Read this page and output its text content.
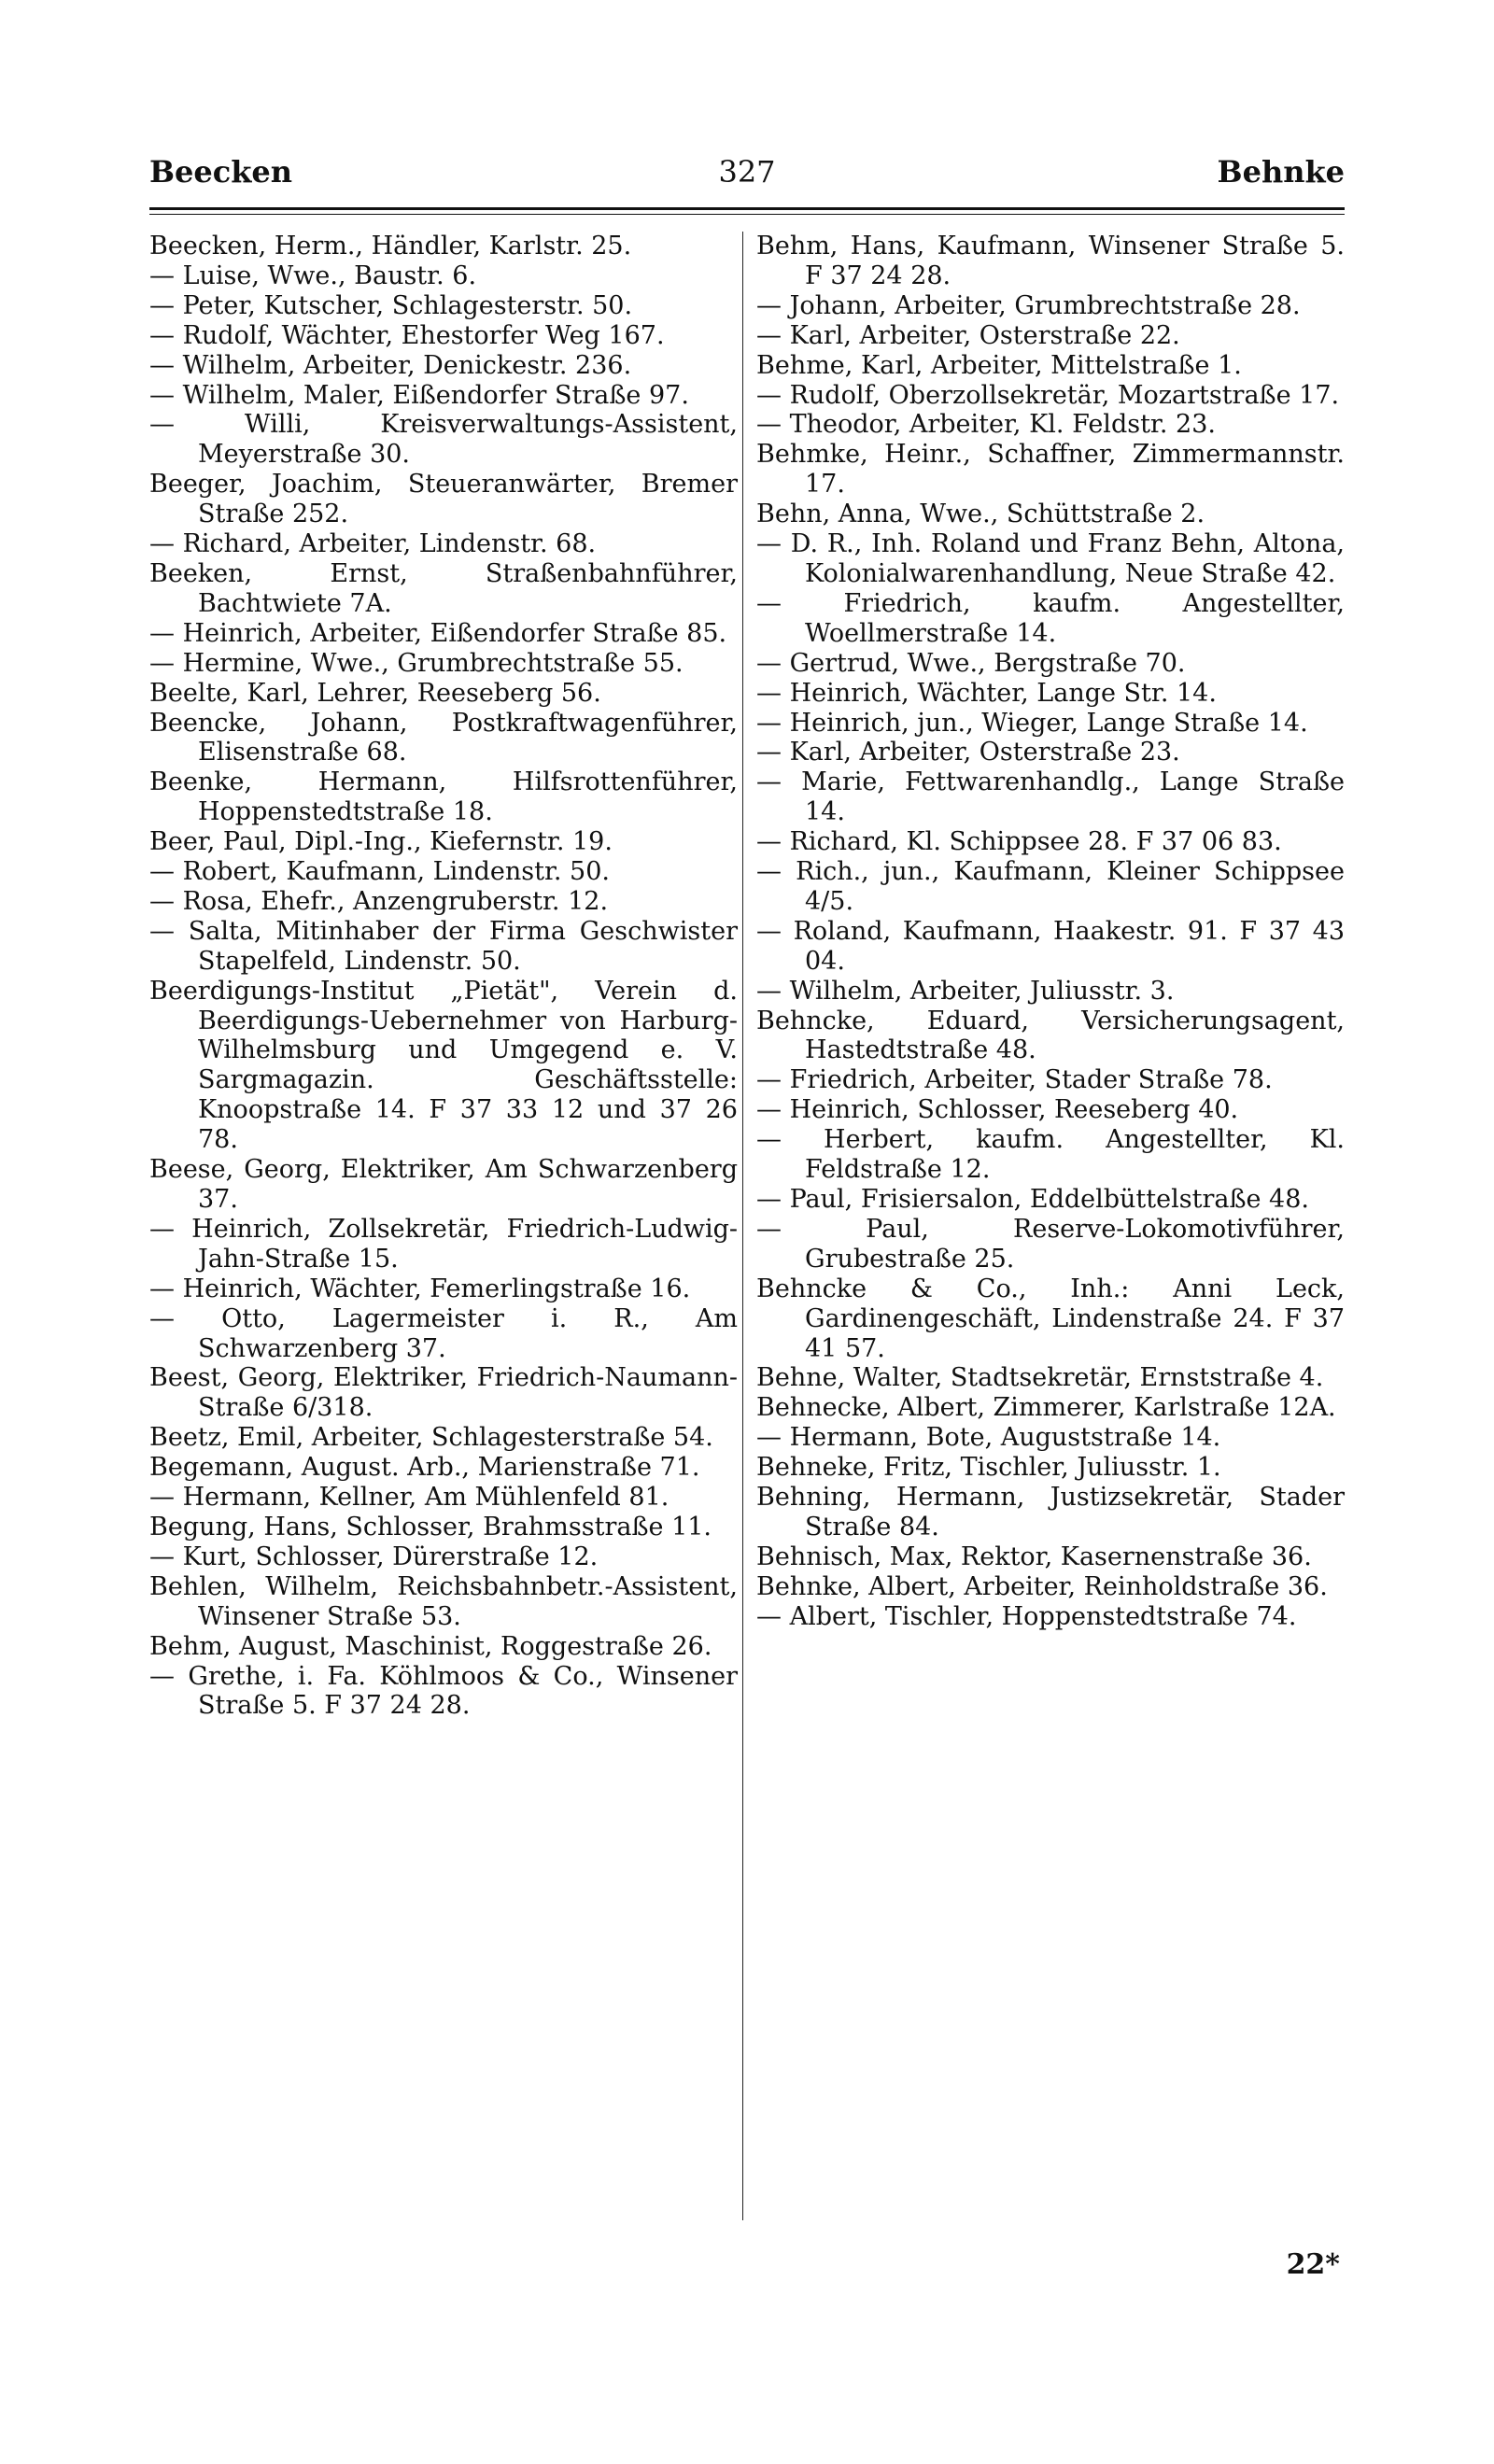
Beecken	327	Behnke

Beecken, Herm., Händler, Karlstr. 25.

— Luise, Wwe., Baustr. 6.

— Peter, Kutscher, Schlagesterstr. 50.

— Rudolf, Wächter, Ehestorfer Weg 167.

— Wilhelm, Arbeiter, Denickestr. 236.

— Wilhelm, Maler, Eißendorfer Straße 97.

— Willi, Kreisverwaltungs-Assistent, Meyerstraße 30.

Beeger, Joachim, Steueranwärter, Bremer Straße 252.

— Richard, Arbeiter, Lindenstr. 68.

Beeken, Ernst, Straßenbahnführer, Bachtwiete 7A.

— Heinrich, Arbeiter, Eißendorfer Straße 85.

— Hermine, Wwe., Grumbrechtstraße 55.

Beelte, Karl, Lehrer, Reeseberg 56.

Beencke, Johann, Postkraftwagenführer, Elisenstraße 68.

Beenke, Hermann, Hilfsrottenführer, Hoppenstedtstraße 18.

Beer, Paul, Dipl.-Ing., Kiefernstr. 19.

— Robert, Kaufmann, Lindenstr. 50.

— Rosa, Ehefr., Anzengruberstr. 12.

— Salta, Mitinhaber der Firma Geschwister Stapelfeld, Lindenstr. 50.

Beerdigungs-Institut „Pietät", Verein d. Beerdigungs-Uebernehmer von Harburg-Wilhelmsburg und Umgegend e. V. Sargmagazin. Geschäftsstelle: Knoopstraße 14. F 37 33 12 und 37 26 78.

Beese, Georg, Elektriker, Am Schwarzenberg 37.

— Heinrich, Zollsekretär, Friedrich-Ludwig-Jahn-Straße 15.

— Heinrich, Wächter, Femerlingstraße 16.

— Otto, Lagermeister i. R., Am Schwarzenberg 37.

Beest, Georg, Elektriker, Friedrich-Naumann-Straße 6/318.

Beetz, Emil, Arbeiter, Schlagesterstraße 54.

Begemann, August. Arb., Marienstraße 71.

— Hermann, Kellner, Am Mühlenfeld 81.

Begung, Hans, Schlosser, Brahmsstraße 11.

— Kurt, Schlosser, Dürerstraße 12.

Behlen, Wilhelm, Reichsbahnbetr.-Assistent, Winsener Straße 53.

Behm, August, Maschinist, Roggestraße 26.

— Grethe, i. Fa. Köhlmoos & Co., Winsener Straße 5. F 37 24 28.

Behm, Hans, Kaufmann, Winsener Straße 5. F 37 24 28.

— Johann, Arbeiter, Grumbrechtstraße 28.

— Karl, Arbeiter, Osterstraße 22.

Behme, Karl, Arbeiter, Mittelstraße 1.

— Rudolf, Oberzollsekretär, Mozartstraße 17.

— Theodor, Arbeiter, Kl. Feldstr. 23.

Behmke, Heinr., Schaffner, Zimmermannstr. 17.

Behn, Anna, Wwe., Schüttstraße 2.

— D. R., Inh. Roland und Franz Behn, Altona, Kolonialwarenhandlung, Neue Straße 42.

— Friedrich, kaufm. Angestellter, Woellmerstraße 14.

— Gertrud, Wwe., Bergstraße 70.

— Heinrich, Wächter, Lange Str. 14.

— Heinrich, jun., Wieger, Lange Straße 14.

— Karl, Arbeiter, Osterstraße 23.

— Marie, Fettwarenhandlg., Lange Straße 14.

— Richard, Kl. Schippsee 28. F 37 06 83.

— Rich., jun., Kaufmann, Kleiner Schippsee 4/5.

— Roland, Kaufmann, Haakestr. 91. F 37 43 04.

— Wilhelm, Arbeiter, Juliusstr. 3.

Behncke, Eduard, Versicherungsagent, Hastedtstraße 48.

— Friedrich, Arbeiter, Stader Straße 78.

— Heinrich, Schlosser, Reeseberg 40.

— Herbert, kaufm. Angestellter, Kl. Feldstraße 12.

— Paul, Frisiersalon, Eddelbüttelstraße 48.

— Paul, Reserve-Lokomotivführer, Grubestraße 25.

Behncke & Co., Inh.: Anni Leck, Gardinengeschäft, Lindenstraße 24. F 37 41 57.

Behne, Walter, Stadtsekretär, Ernststraße 4.

Behnecke, Albert, Zimmerer, Karlstraße 12A.

— Hermann, Bote, Auguststraße 14.

Behneke, Fritz, Tischler, Juliusstr. 1.

Behning, Hermann, Justizsekretär, Stader Straße 84.

Behnisch, Max, Rektor, Kasernenstraße 36.

Behnke, Albert, Arbeiter, Reinholdstraße 36.

— Albert, Tischler, Hoppenstedtstraße 74.

22*
